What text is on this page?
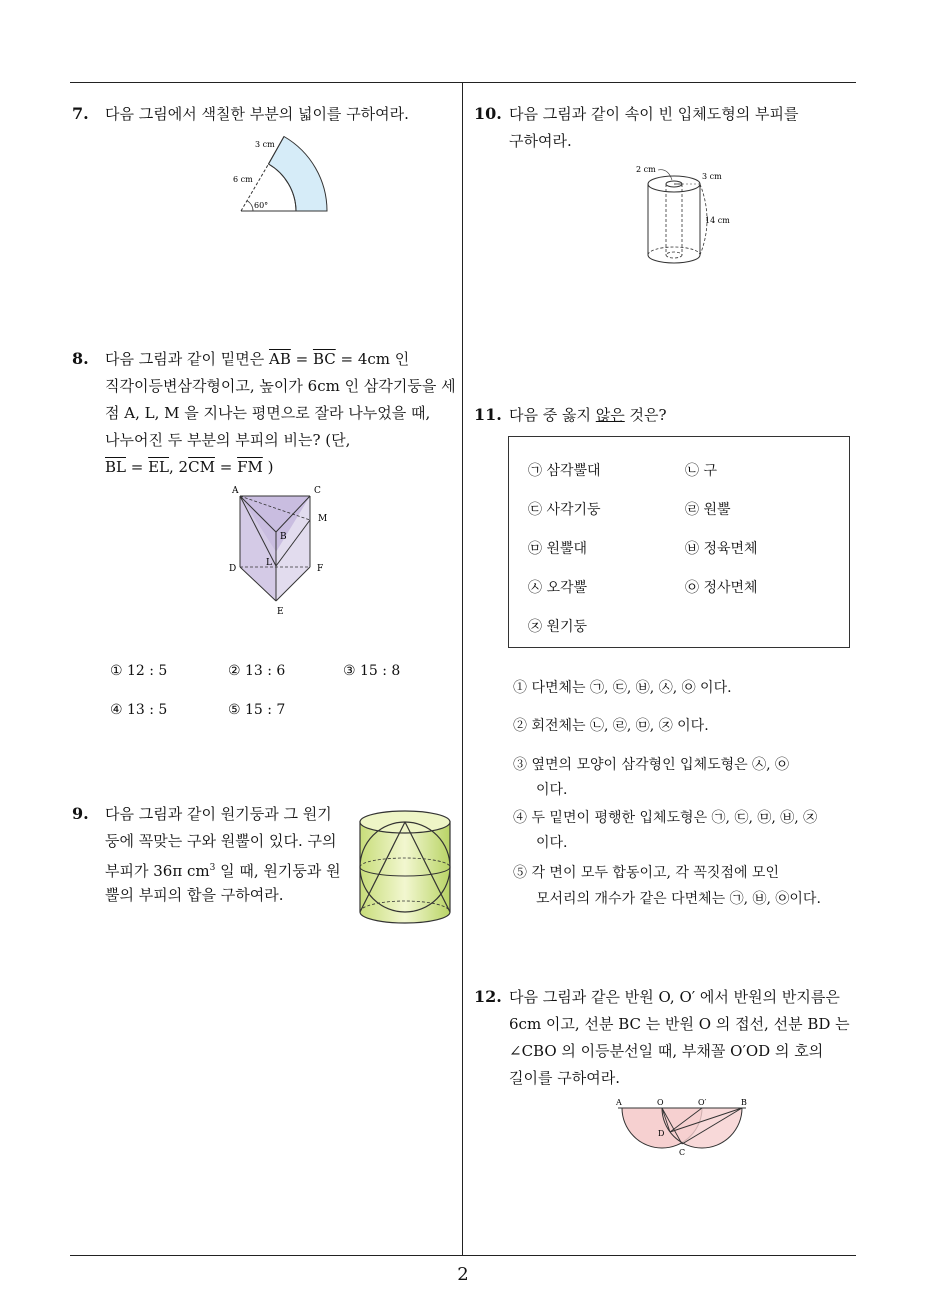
7. 다음 그림에서 색칠한 부분의 넓이를 구하여라.
3 cm
6 cm
60°
8. 다음 그림과 같이 밑면은 $\overline{AB} = \overline{BC} = 4cm$ 인
직각이등변삼각형이고, 높이가 6cm 인 삼각기둥을 세
점 A, L, M 을 지나는 평면으로 잘라 나누었을 때,
나누어진 두 부분의 부피의 비는? (단,
$\overline{BL} = \overline{EL}$, $2\overline{CM} = \overline{FM}$ )
A	C
M
B
L
D	F
E
① 12 : 5	② 13 : 6	③ 15 : 8
④ 13 : 5	⑤ 15 : 7
9. 다음 그림과 같이 원기둥과 그 원기
둥에 꼭맞는 구와 원뿔이 있다. 구의
부피가 36π $cm^3$ 일 때, 원기둥과 원
뿔의 부피의 합을 구하여라.
10. 다음 그림과 같이 속이 빈 입체도형의 부피를
구하여라.
2 cm
3 cm
14 cm
11. 다음 중 옳지 않은 것은?
㉠ 삼각뿔대	㉡ 구
㉢ 사각기둥	㉣ 원뿔
㉤ 원뿔대	㉥ 정육면체
㉦ 오각뿔	㉧ 정사면체
㉨ 원기둥
① 다면체는 ㉠, ㉢, ㉥, ㉦, ㉧ 이다.
② 회전체는 ㉡, ㉣, ㉤, ㉨ 이다.
③ 옆면의 모양이 삼각형인 입체도형은 ㉦, ㉧
이다.
④ 두 밑면이 평행한 입체도형은 ㉠, ㉢, ㉤, ㉥, ㉨
이다.
⑤ 각 면이 모두 합동이고, 각 꼭짓점에 모인
모서리의 개수가 같은 다면체는 ㉠, ㉥, ㉧이다.
12. 다음 그림과 같은 반원 O, O′ 에서 반원의 반지름은
6cm 이고, 선분 BC 는 반원 O 의 접선, 선분 BD 는
∠CBO 의 이등분선일 때, 부채꼴 O′OD 의 호의
길이를 구하여라.
A	O	O′	B
D
C
2
